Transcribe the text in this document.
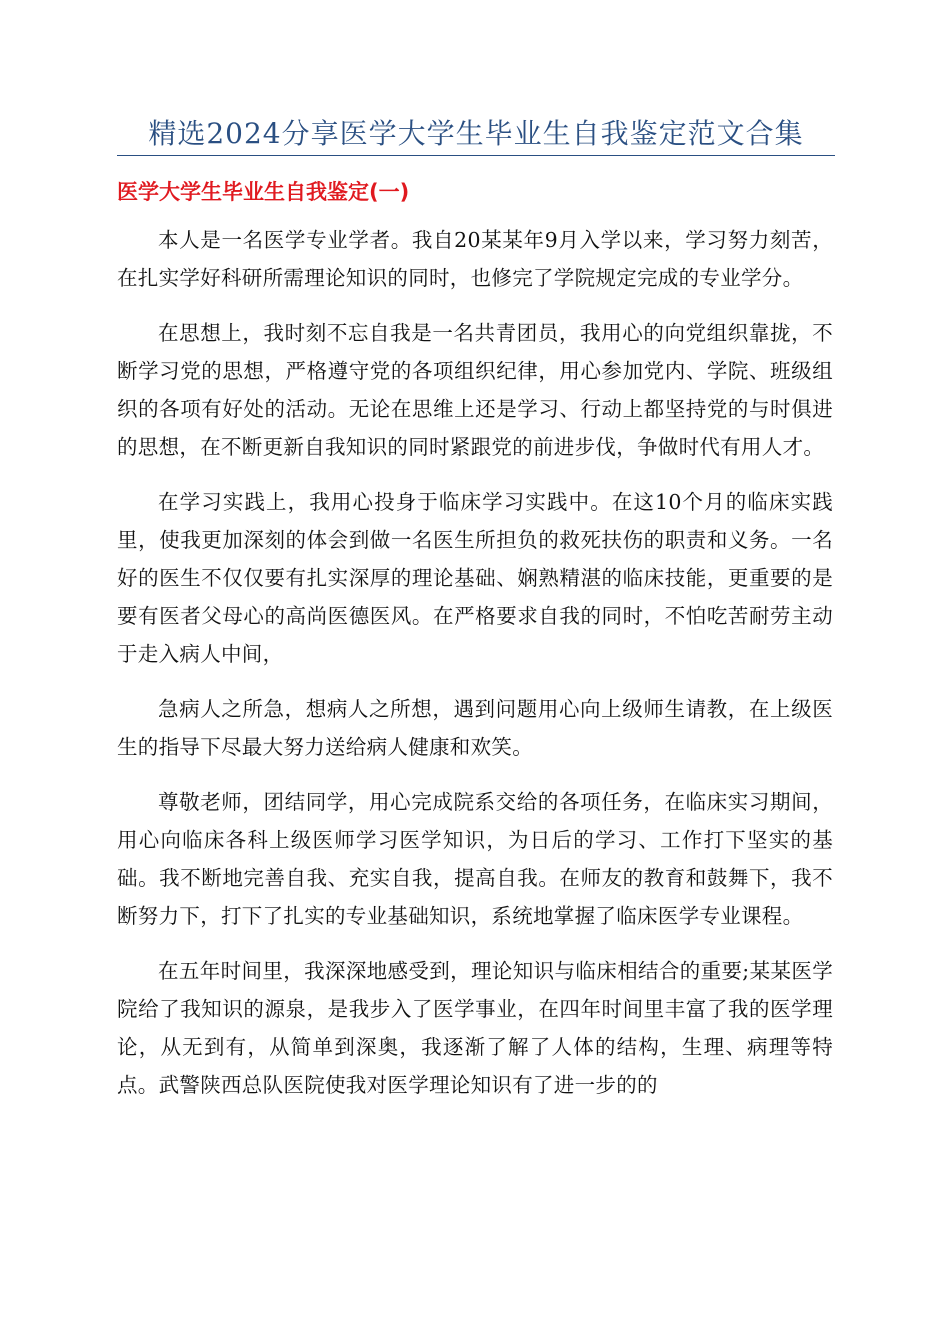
精选2024分享医学大学生毕业生自我鉴定范文合集
医学大学生毕业生自我鉴定(一)

本人是一名医学专业学者。我自20某某年9月入学以来，学习努力刻苦，在扎实学好科研所需理论知识的同时，也修完了学院规定完成的专业学分。

在思想上，我时刻不忘自我是一名共青团员，我用心的向党组织靠拢，不断学习党的思想，严格遵守党的各项组织纪律，用心参加党内、学院、班级组织的各项有好处的活动。无论在思维上还是学习、行动上都坚持党的与时俱进的思想，在不断更新自我知识的同时紧跟党的前进步伐，争做时代有用人才。

在学习实践上，我用心投身于临床学习实践中。在这10个月的临床实践里，使我更加深刻的体会到做一名医生所担负的救死扶伤的职责和义务。一名好的医生不仅仅要有扎实深厚的理论基础、娴熟精湛的临床技能，更重要的是要有医者父母心的高尚医德医风。在严格要求自我的同时，不怕吃苦耐劳主动于走入病人中间，

急病人之所急，想病人之所想，遇到问题用心向上级师生请教，在上级医生的指导下尽最大努力送给病人健康和欢笑。

尊敬老师，团结同学，用心完成院系交给的各项任务，在临床实习期间，用心向临床各科上级医师学习医学知识，为日后的学习、工作打下坚实的基础。我不断地完善自我、充实自我，提高自我。在师友的教育和鼓舞下，我不断努力下，打下了扎实的专业基础知识，系统地掌握了临床医学专业课程。

在五年时间里，我深深地感受到，理论知识与临床相结合的重要;某某医学院给了我知识的源泉，是我步入了医学事业，在四年时间里丰富了我的医学理论，从无到有，从简单到深奥，我逐渐了解了人体的结构，生理、病理等特点。武警陕西总队医院使我对医学理论知识有了进一步的的
